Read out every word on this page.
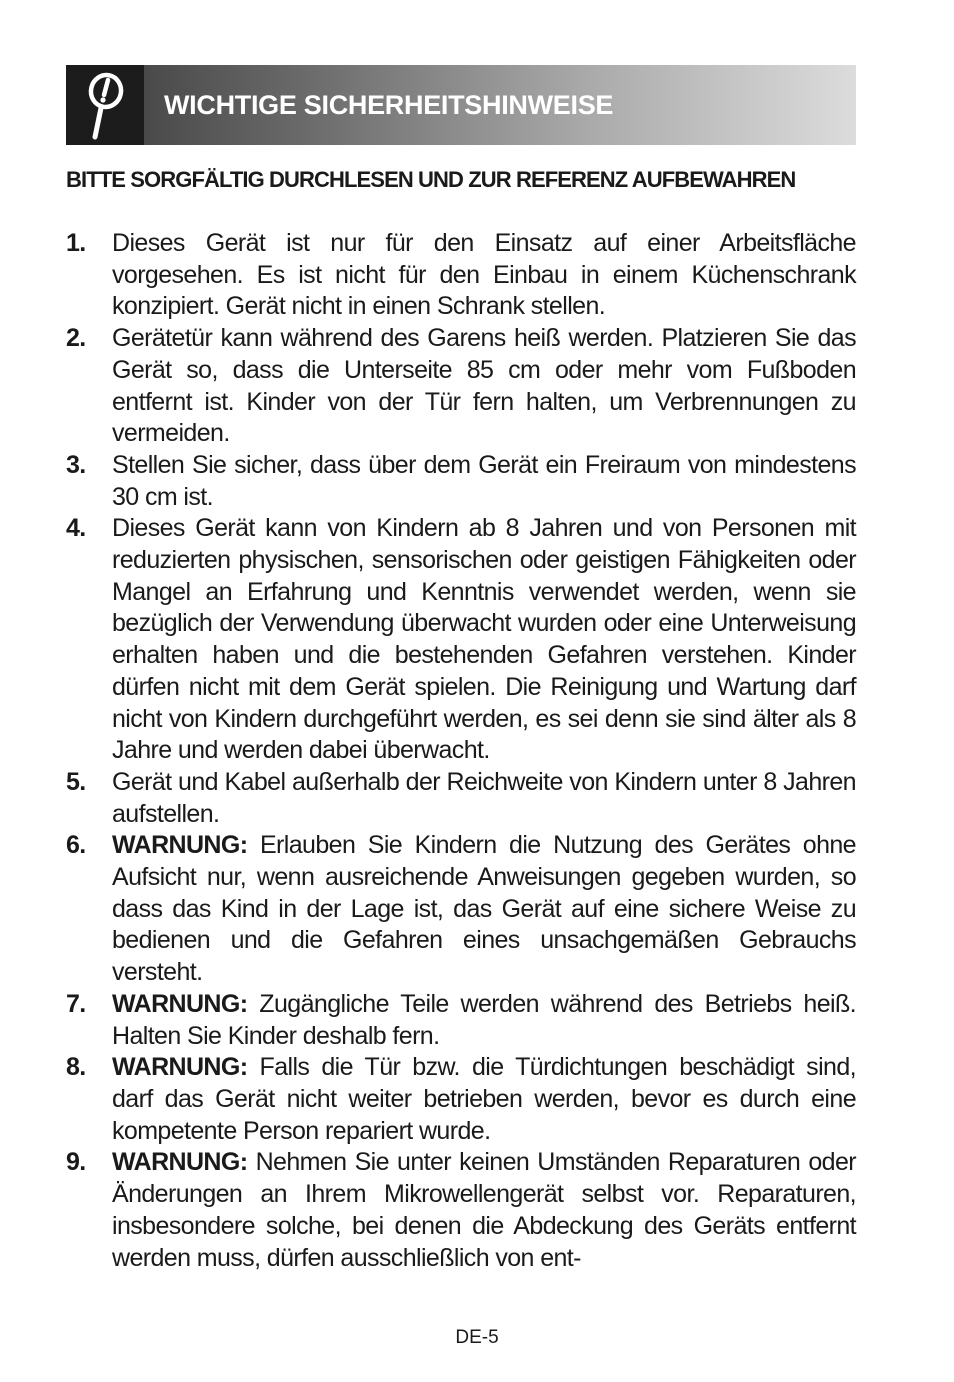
WICHTIGE SICHERHEITSHINWEISE
BITTE SORGFÄLTIG DURCHLESEN UND ZUR REFERENZ AUFBEWAHREN
1. Dieses Gerät ist nur für den Einsatz auf einer Arbeitsfläche vorgesehen. Es ist nicht für den Einbau in einem Küchenschrank konzipiert. Gerät nicht in einen Schrank stellen.
2. Gerätetür kann während des Garens heiß werden. Platzieren Sie das Gerät so, dass die Unterseite 85 cm oder mehr vom Fußboden entfernt ist. Kinder von der Tür fern halten, um Verbrennungen zu vermeiden.
3. Stellen Sie sicher, dass über dem Gerät ein Freiraum von mindestens 30 cm ist.
4. Dieses Gerät kann von Kindern ab 8 Jahren und von Personen mit reduzierten physischen, sensorischen oder geistigen Fähigkeiten oder Mangel an Erfahrung und Kenntnis verwendet werden, wenn sie bezüglich der Verwendung überwacht wurden oder eine Unterweisung erhalten haben und die bestehenden Gefahren verstehen. Kinder dürfen nicht mit dem Gerät spielen. Die Reinigung und Wartung darf nicht von Kindern durchgeführt werden, es sei denn sie sind älter als 8 Jahre und werden dabei überwacht.
5. Gerät und Kabel außerhalb der Reichweite von Kindern unter 8 Jahren aufstellen.
6. WARNUNG: Erlauben Sie Kindern die Nutzung des Gerätes ohne Aufsicht nur, wenn ausreichende Anweisungen gegeben wurden, so dass das Kind in der Lage ist, das Gerät auf eine sichere Weise zu bedienen und die Gefahren eines unsachgemäßen Gebrauchs versteht.
7. WARNUNG: Zugängliche Teile werden während des Betriebs heiß. Halten Sie Kinder deshalb fern.
8. WARNUNG: Falls die Tür bzw. die Türdichtungen beschädigt sind, darf das Gerät nicht weiter betrieben werden, bevor es durch eine kompetente Person repariert wurde.
9. WARNUNG: Nehmen Sie unter keinen Umständen Reparaturen oder Änderungen an Ihrem Mikrowellengerät selbst vor. Reparaturen, insbesondere solche, bei denen die Abdeckung des Geräts entfernt werden muss, dürfen ausschließlich von ent-
DE-5
